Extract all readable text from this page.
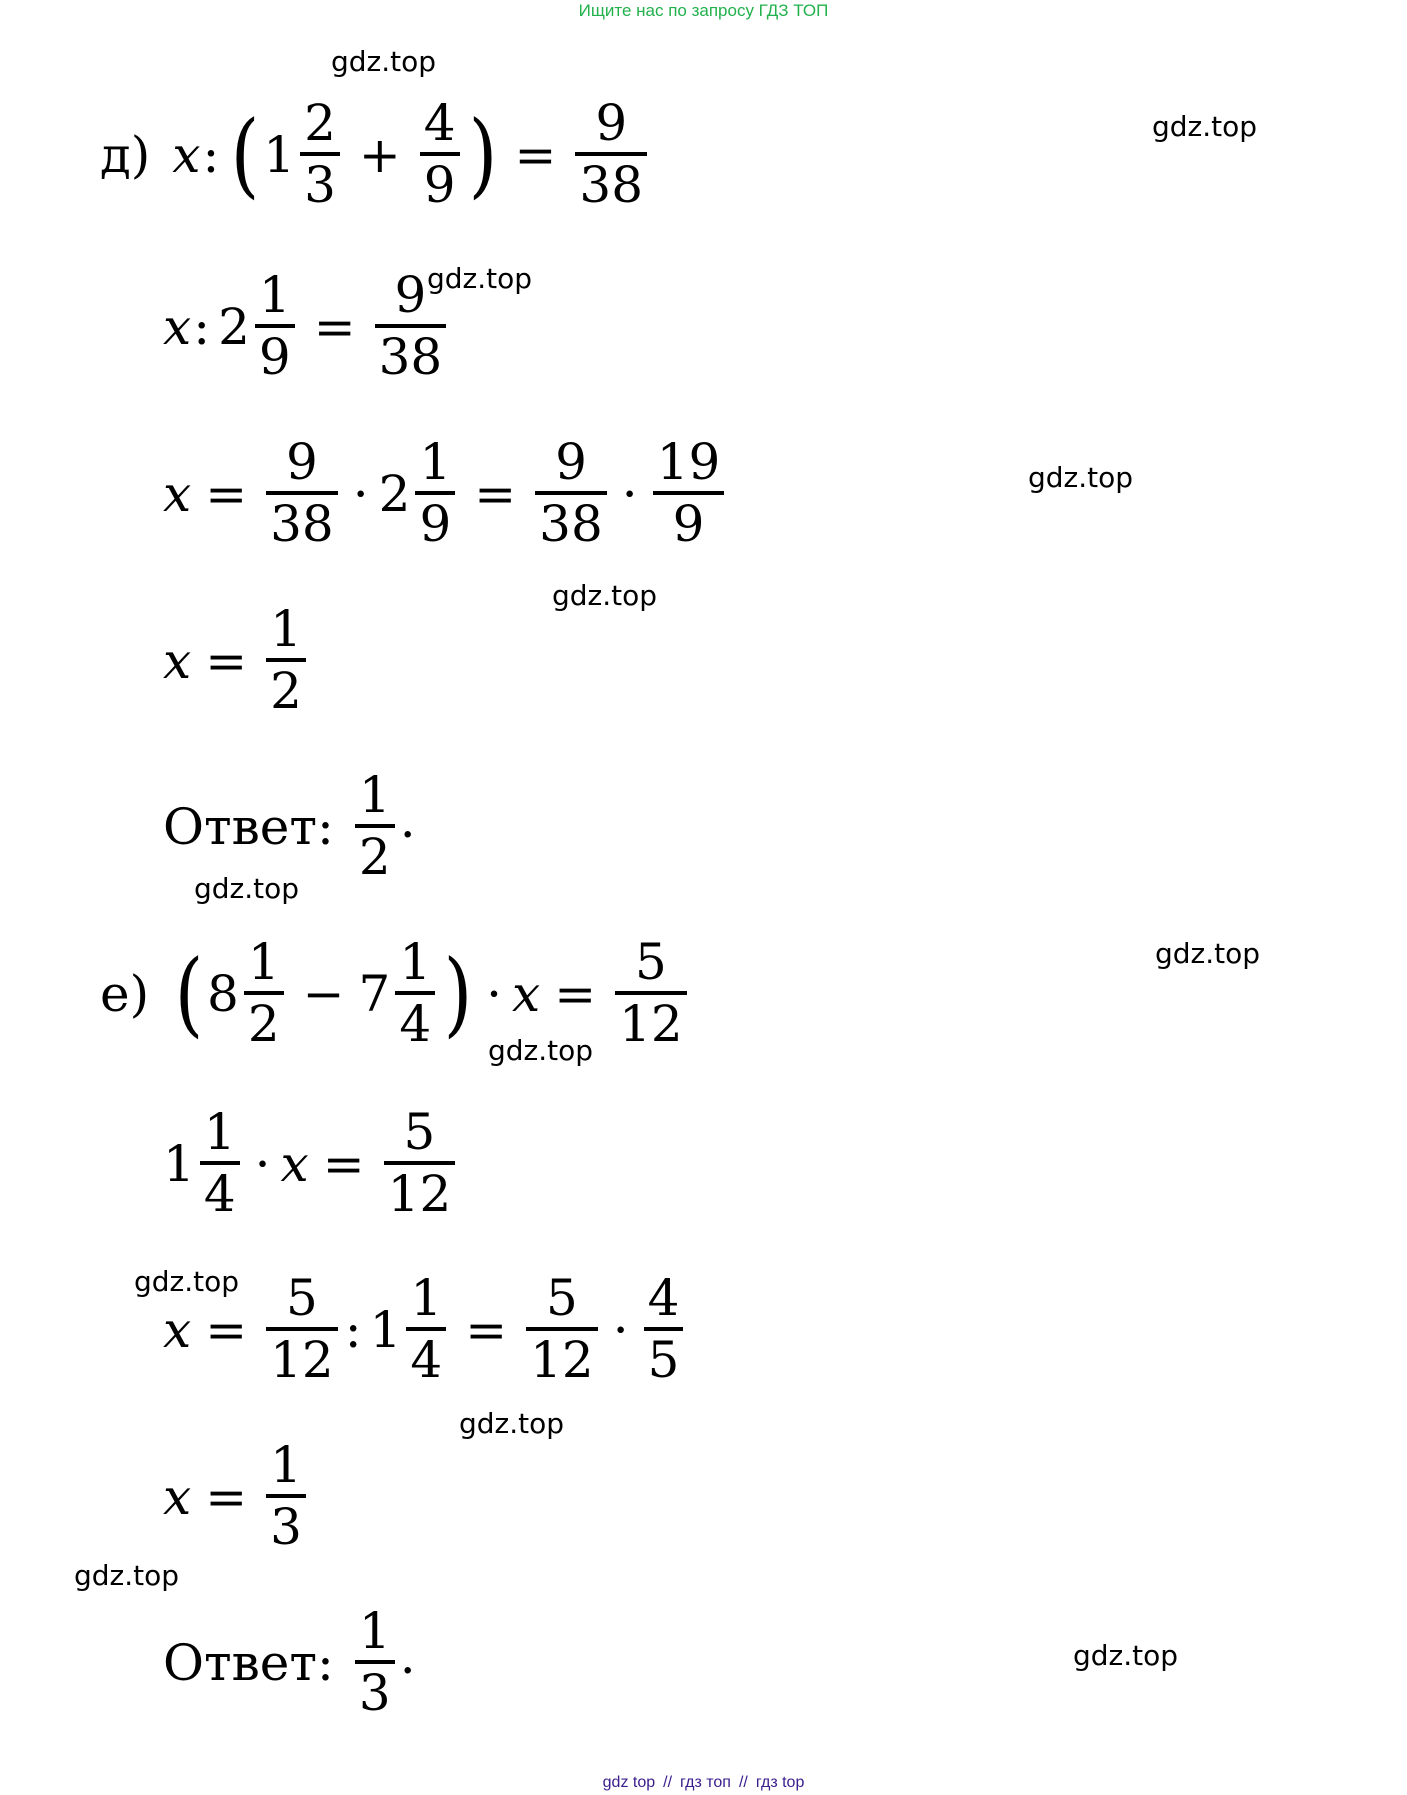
Ищите нас по запросу ГДЗ ТОП
gdz.top
gdz.top
gdz.top
gdz.top
gdz.top
gdz.top
gdz.top
gdz.top
gdz.top
gdz.top
gdz.top
gdz.top
д) x : ( $1 \frac{2}{3} + \frac{4}{9}$ ) = $\frac{9}{38}$
x : $2 \frac{1}{9} = \frac{9}{38}$
$x = \frac{9}{38} \cdot 2 \frac{1}{9} = \frac{9}{38} \cdot \frac{19}{9}$
$x = \frac{1}{2}$
Ответ: $\frac{1}{2}$ .
е) ( $8 \frac{1}{2} - 7 \frac{1}{4}$ ) · $x = \frac{5}{12}$
$1 \frac{1}{4} \cdot x = \frac{5}{12}$
$x = \frac{5}{12}$ : $1 \frac{1}{4} = \frac{5}{12} \cdot \frac{4}{5}$
$x = \frac{1}{3}$
Ответ: $\frac{1}{3}$ .
gdz top // гдз топ // гдз top
